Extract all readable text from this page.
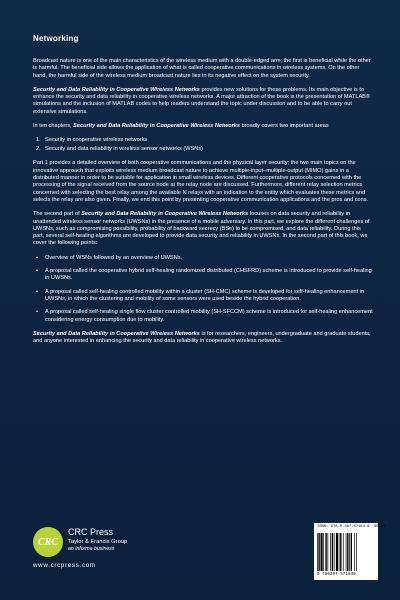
Networking

Broadcast nature is one of the main characteristics of the wireless medium with a double-edged arm; the first is beneficial while the other is harmful. The beneficial side allows the application of what is called cooperative communications in wireless systems. On the other hand, the harmful side of the wireless medium broadcast nature lies in its negative effect on the system security.

Security and Data Reliability in Cooperative Wireless Networks provides new solutions for these problems. Its main objective is to enhance the security and data reliability in cooperative wireless networks. A major attraction of the book is the presentation of MATLAB® simulations and the inclusion of MATLAB codes to help readers understand the topic under discussion and to be able to carry out extensive simulations.

In ten chapters, Security and Data Reliability in Cooperative Wireless Networks broadly covers two important areas

1. Security in cooperative wireless networks
2. Security and data reliability in wireless sensor networks (WSNs)

Part 1 provides a detailed overview of both cooperative communications and the physical layer security; the two main topics on the innovative approach that exploits wireless medium broadcast nature to achieve multiple-input–multiple-output (MIMO) gains in a distributed manner in order to be suitable for application in small wireless devices. Different cooperative protocols concerned with the processing of the signal received from the source node at the relay node are discussed. Furthermore, different relay selection metrics concerned with selecting the best relay among the available N relays with an indication to the entity which evaluates these metrics and selects the relay are also given. Finally, we end this point by presenting cooperative communication applications and the pros and cons.

The second part of Security and Data Reliability in Cooperative Wireless Networks focuses on data security and reliability in unattended wireless sensor networks (UWSNs) in the presence of a mobile adversary. In this part, we explore the different challenges of UWSNs, such as compromising possibility, probability of backward secrecy (BSe) to be compromised, and data reliability. During this part, several self-healing algorithms are developed to provide data security and reliability in UWSNs. In the second part of this book, we cover the following points:

• Overview of WSNs followed by an overview of UWSNs.
• A proposal called the cooperative hybrid self-healing randomized distributed (CHSFRD) scheme is introduced to provide self-healing in UWSNs.
• A proposal called self-healing controlled mobility within a cluster (SH-CMC) scheme is developed for self-healing enhancement in UWSNs, in which the clustering and mobility of some sensors were used beside the hybrid cooperation.
• A proposal called self-healing single flow cluster controlled mobility (SH-SFCCM) scheme is introduced for self-healing enhancement considering energy consumption due to mobility.

Security and Data Reliability in Cooperative Wireless Networks is for researchers, engineers, undergraduate and graduate students, and anyone interested in enhancing the security and data reliability in cooperative wireless networks.

CRC
CRC Press
Taylor & Francis Group
an informa business
www.crcpress.com
ISBN: 978-0-367-57184-9 90000
9 780367 571849
